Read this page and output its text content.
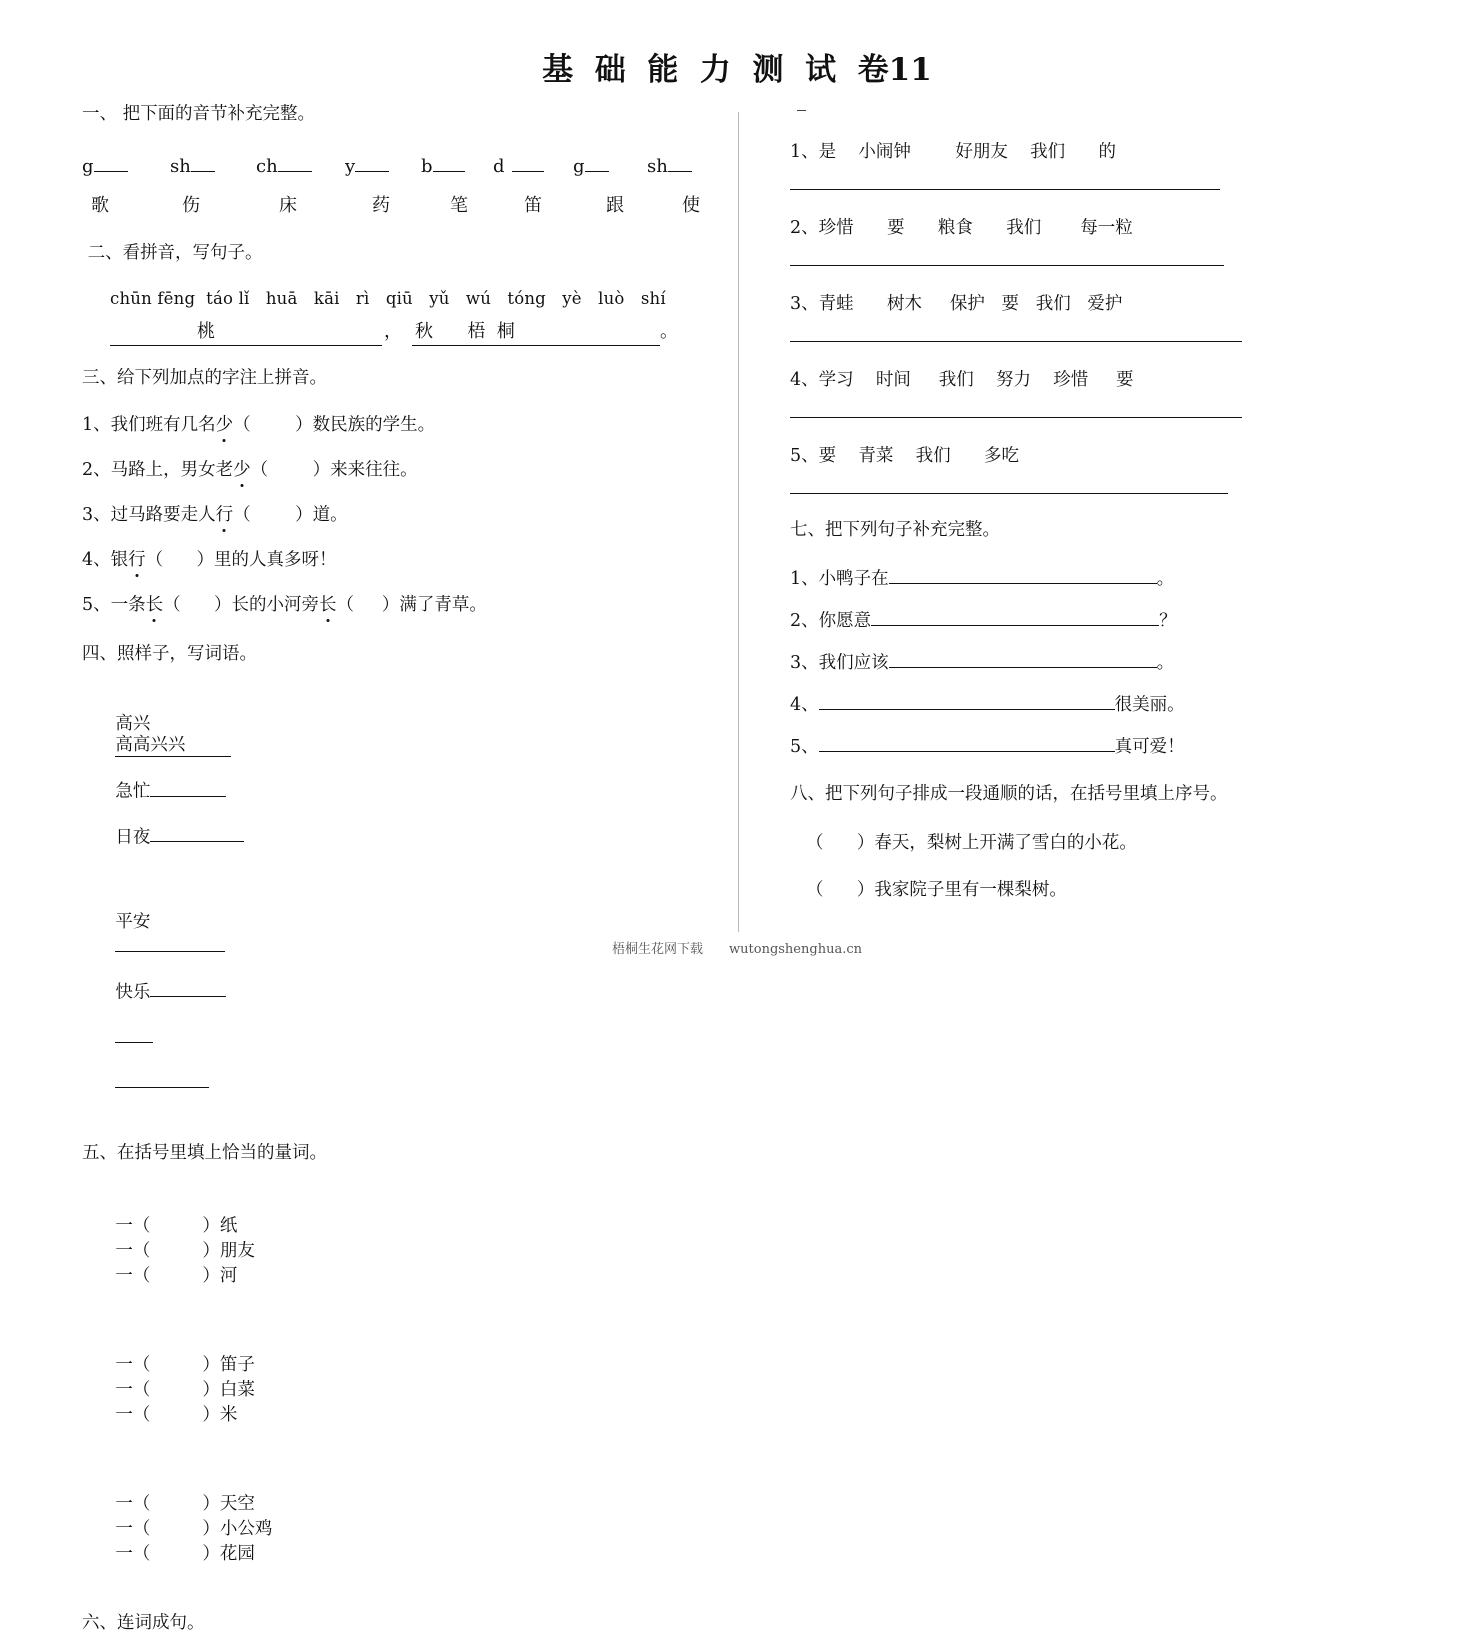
基  础  能  力  测  试  卷11
一、 把下面的音节补充完整。
g	sh	ch	y	b	d	g	sh
歌	伤	床	药	笔	笛	跟	使
二、看拼音，写句子。
chūn fēng  táo lǐ   huā   kāi   rì   qiū   yǔ   wú   tóng   yè   luò   shí
桃	， 秋      梧  桐	。
三、给下列加点的字注上拼音。
1、我们班有几名少（        ）数民族的学生。
2、马路上，男女老少（        ）来来往往。
3、过马路要走人行（        ）道。
4、银行（      ）里的人真多呀！
5、一条长（      ）长的小河旁长（     ）满了青草。
四、照样子，写词语。

高兴
高高兴兴

急忙

日夜

平安

快乐

五、在括号里填上恰当的量词。

一（	）纸
一（	）朋友
一（	）河

一（	）笛子
一（	）白菜
一（	）米

一（	）天空
一（	）小公鸡
一（	）花园

六、连词成句。
1、是    小闹钟        好朋友    我们      的
2、珍惜      要      粮食      我们       每一粒
3、青蛙      树木     保护   要   我们   爱护
4、学习    时间     我们    努力    珍惜     要
5、要    青菜    我们      多吃
七、把下列句子补充完整。
1、 小鸭子在	。
2、 你愿意	？
3、 我们应该	。
4、	很美丽。
5、	真可爱！
八、把下列句子排成一段通顺的话，在括号里填上序号。
（      ）春天，梨树上开满了雪白的小花。
（      ）我家院子里有一棵梨树。
梧桐生花网下载 wutongshenghua.cn
